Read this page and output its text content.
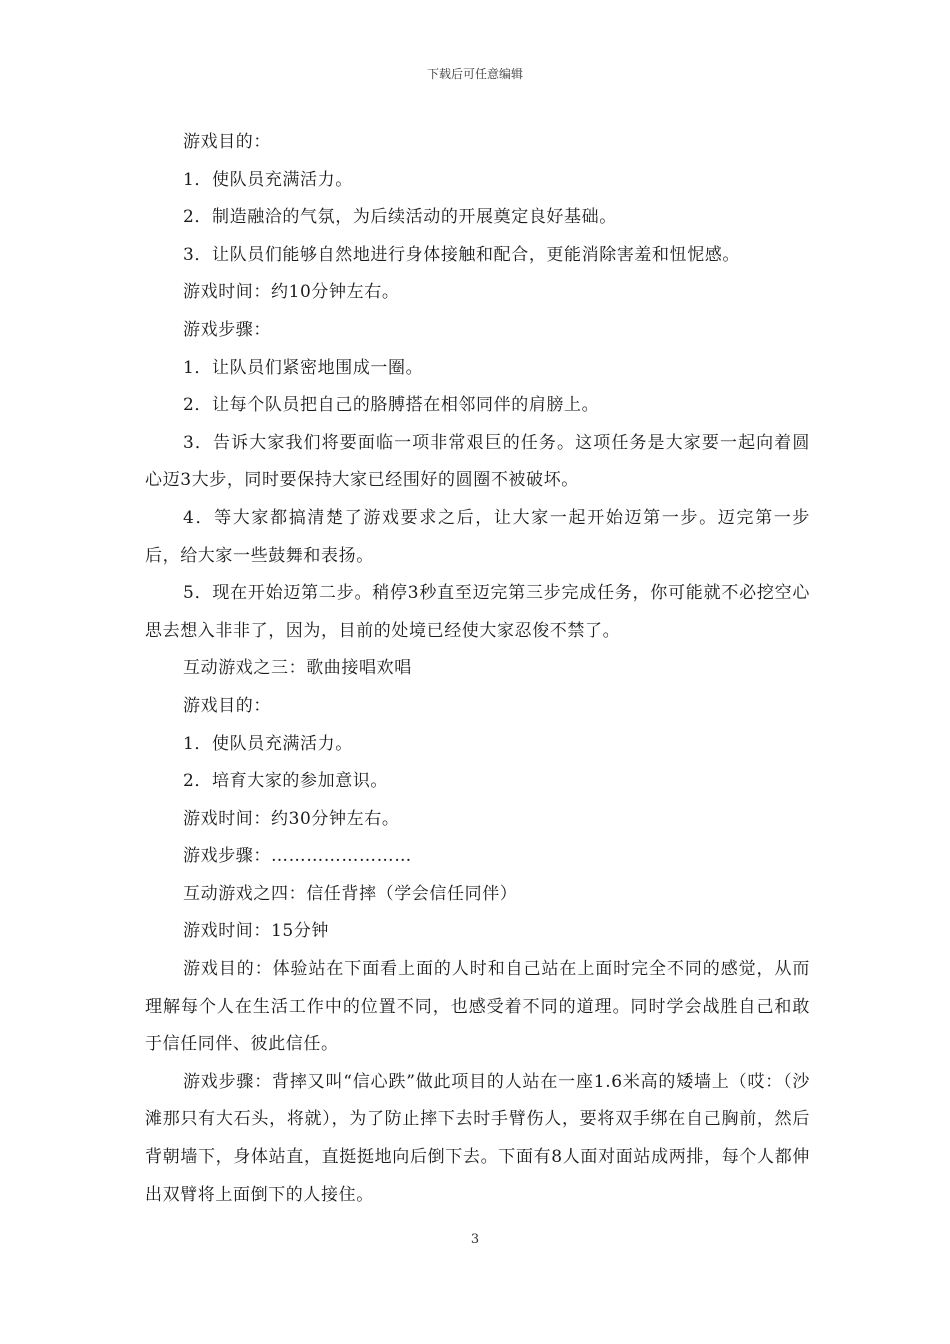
下载后可任意编辑

游戏目的：

1．使队员充满活力。

2．制造融洽的气氛，为后续活动的开展奠定良好基础。

3．让队员们能够自然地进行身体接触和配合，更能消除害羞和忸怩感。

游戏时间：约10分钟左右。

游戏步骤：

1．让队员们紧密地围成一圈。

2．让每个队员把自己的胳膊搭在相邻同伴的肩膀上。

3．告诉大家我们将要面临一项非常艰巨的任务。这项任务是大家要一起向着圆心迈3大步，同时要保持大家已经围好的圆圈不被破坏。

4．等大家都搞清楚了游戏要求之后，让大家一起开始迈第一步。迈完第一步后，给大家一些鼓舞和表扬。

5．现在开始迈第二步。稍停3秒直至迈完第三步完成任务，你可能就不必挖空心思去想入非非了，因为，目前的处境已经使大家忍俊不禁了。

互动游戏之三：歌曲接唱欢唱

游戏目的：

1．使队员充满活力。

2．培育大家的参加意识。

游戏时间：约30分钟左右。

游戏步骤：……………………

互动游戏之四：信任背摔（学会信任同伴）

游戏时间：15分钟

游戏目的：体验站在下面看上面的人时和自己站在上面时完全不同的感觉，从而理解每个人在生活工作中的位置不同，也感受着不同的道理。同时学会战胜自己和敢于信任同伴、彼此信任。

游戏步骤：背摔又叫“信心跌”做此项目的人站在一座1.6米高的矮墙上（哎：（沙滩那只有大石头，将就），为了防止摔下去时手臂伤人，要将双手绑在自己胸前，然后背朝墙下，身体站直，直挺挺地向后倒下去。下面有8人面对面站成两排，每个人都伸出双臂将上面倒下的人接住。

3
